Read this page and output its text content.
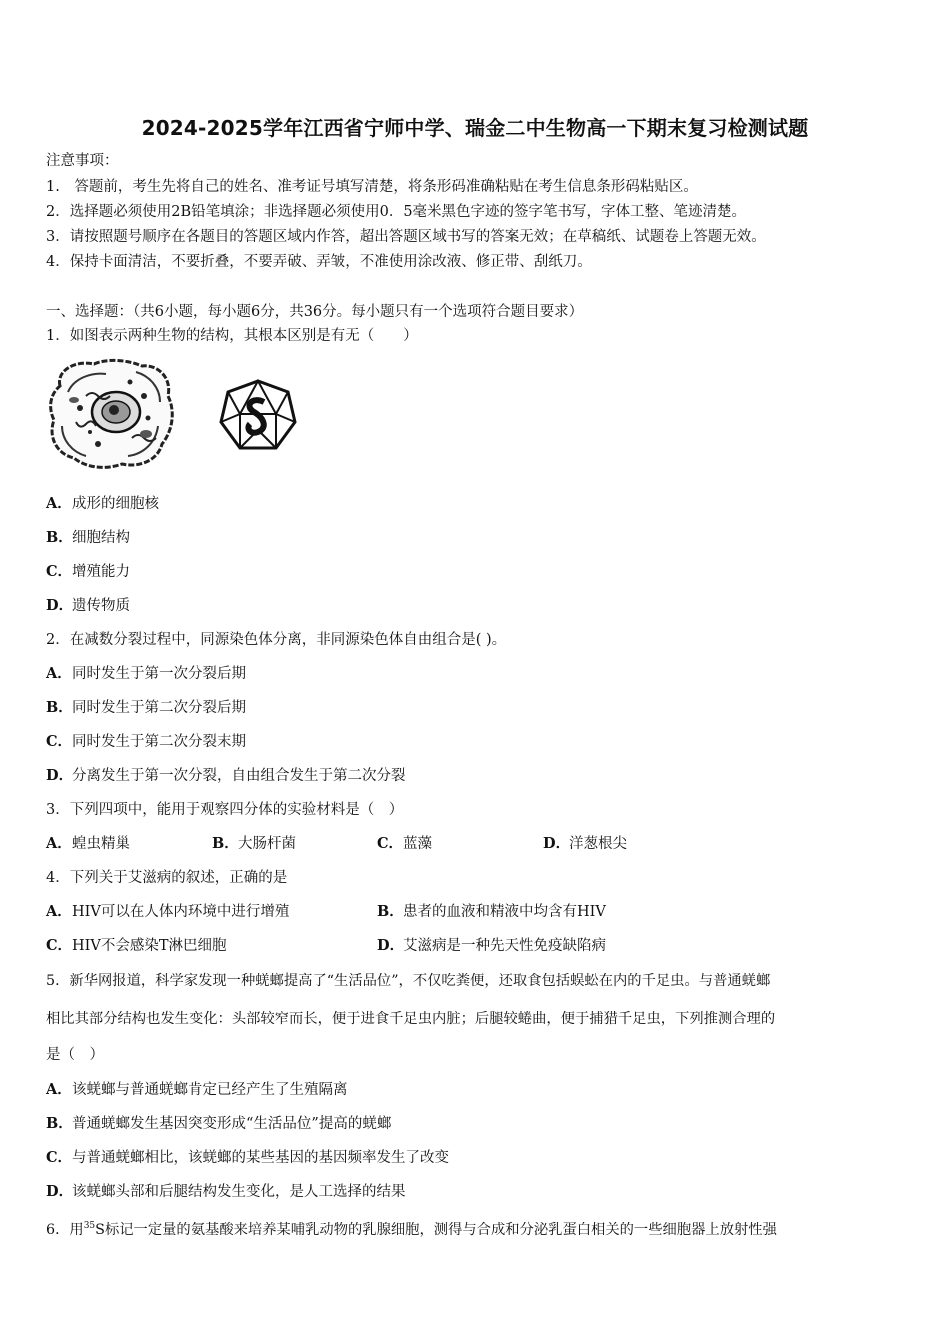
2024-2025学年江西省宁师中学、瑞金二中生物高一下期末复习检测试题
注意事项：
1.　答题前，考生先将自己的姓名、准考证号填写清楚，将条形码准确粘贴在考生信息条形码粘贴区。
2．选择题必须使用2B铅笔填涂；非选择题必须使用0．5毫米黑色字迹的签字笔书写，字体工整、笔迹清楚。
3．请按照题号顺序在各题目的答题区域内作答，超出答题区域书写的答案无效；在草稿纸、试题卷上答题无效。
4．保持卡面清洁，不要折叠，不要弄破、弄皱，不准使用涂改液、修正带、刮纸刀。
一、选择题：（共6小题，每小题6分，共36分。每小题只有一个选项符合题目要求）
1．如图表示两种生物的结构，其根本区别是有无（　　）
A．成形的细胞核
B．细胞结构
C．增殖能力
D．遗传物质
2．在减数分裂过程中，同源染色体分离，非同源染色体自由组合是( )。
A．同时发生于第一次分裂后期
B．同时发生于第二次分裂后期
C．同时发生于第二次分裂末期
D．分离发生于第一次分裂，自由组合发生于第二次分裂
3．下列四项中，能用于观察四分体的实验材料是（　）
A．蝗虫精巢	B．大肠杆菌	C．蓝藻	D．洋葱根尖
4．下列关于艾滋病的叙述，正确的是
A．HIV可以在人体内环境中进行增殖	B．患者的血液和精液中均含有HIV
C．HIV不会感染T淋巴细胞	D．艾滋病是一种先天性免疫缺陷病
5．新华网报道，科学家发现一种蜣螂提高了“生活品位”，不仅吃粪便，还取食包括蜈蚣在内的千足虫。与普通蜣螂
相比其部分结构也发生变化：头部较窄而长，便于进食千足虫内脏；后腿较蜷曲，便于捕猎千足虫，下列推测合理的
是（　）
A．该蜣螂与普通蜣螂肯定已经产生了生殖隔离
B．普通蜣螂发生基因突变形成“生活品位”提高的蜣螂
C．与普通蜣螂相比，该蜣螂的某些基因的基因频率发生了改变
D．该蜣螂头部和后腿结构发生变化，是人工选择的结果
6．用$^{35}$S标记一定量的氨基酸来培养某哺乳动物的乳腺细胞，测得与合成和分泌乳蛋白相关的一些细胞器上放射性强
